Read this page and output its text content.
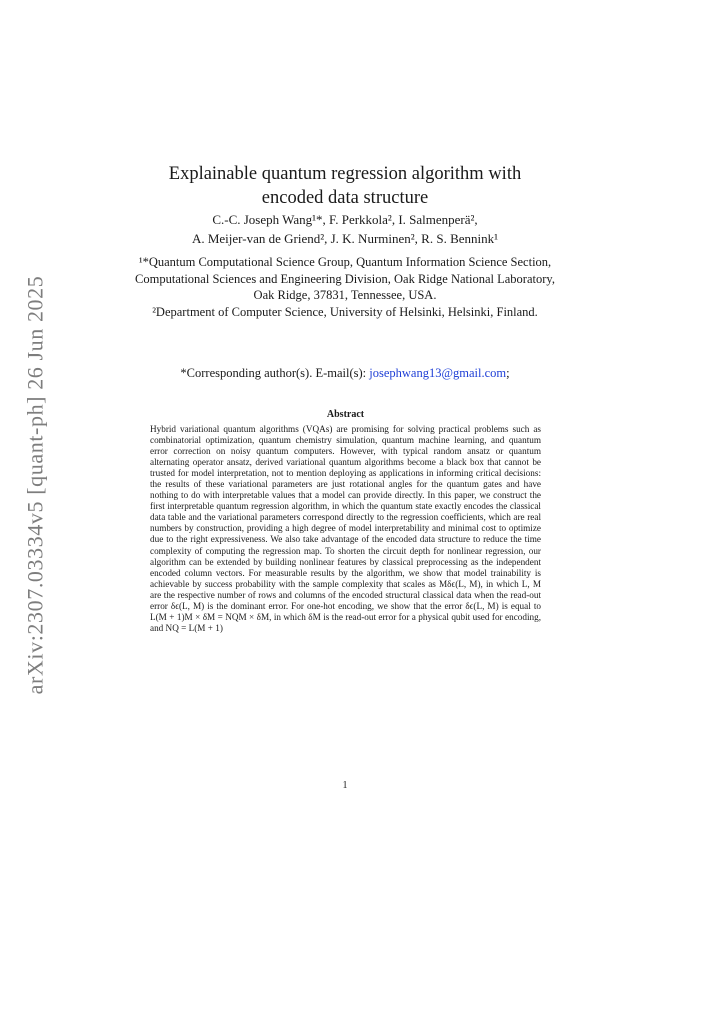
arXiv:2307.03334v5 [quant-ph] 26 Jun 2025
Explainable quantum regression algorithm with
encoded data structure
C.-C. Joseph Wang¹*, F. Perkkola², I. Salmenperä²,
A. Meijer-van de Griend², J. K. Nurminen², R. S. Bennink¹

¹*Quantum Computational Science Group, Quantum Information Science Section, Computational Sciences and Engineering Division, Oak Ridge National Laboratory, Oak Ridge, 37831, Tennessee, USA.

²Department of Computer Science, University of Helsinki, Helsinki, Finland.

*Corresponding author(s). E-mail(s): josephwang13@gmail.com;
Abstract

Hybrid variational quantum algorithms (VQAs) are promising for solving practical problems such as combinatorial optimization, quantum chemistry simulation, quantum machine learning, and quantum error correction on noisy quantum computers. However, with typical random ansatz or quantum alternating operator ansatz, derived variational quantum algorithms become a black box that cannot be trusted for model interpretation, not to mention deploying as applications in informing critical decisions: the results of these variational parameters are just rotational angles for the quantum gates and have nothing to do with interpretable values that a model can provide directly. In this paper, we construct the first interpretable quantum regression algorithm, in which the quantum state exactly encodes the classical data table and the variational parameters correspond directly to the regression coefficients, which are real numbers by construction, providing a high degree of model interpretability and minimal cost to optimize due to the right expressiveness. We also take advantage of the encoded data structure to reduce the time complexity of computing the regression map. To shorten the circuit depth for nonlinear regression, our algorithm can be extended by building nonlinear features by classical preprocessing as the independent encoded column vectors. For measurable results by the algorithm, we show that model trainability is achievable by success probability with the sample complexity that scales as Mδϵ(L, M), in which L, M are the respective number of rows and columns of the encoded structural classical data when the read-out error δϵ(L, M) is the dominant error. For one-hot encoding, we show that the error δϵ(L, M) is equal to L(M + 1)M × δM = NQM × δM, in which δM is the read-out error for a physical qubit used for encoding, and NQ = L(M + 1)

1
